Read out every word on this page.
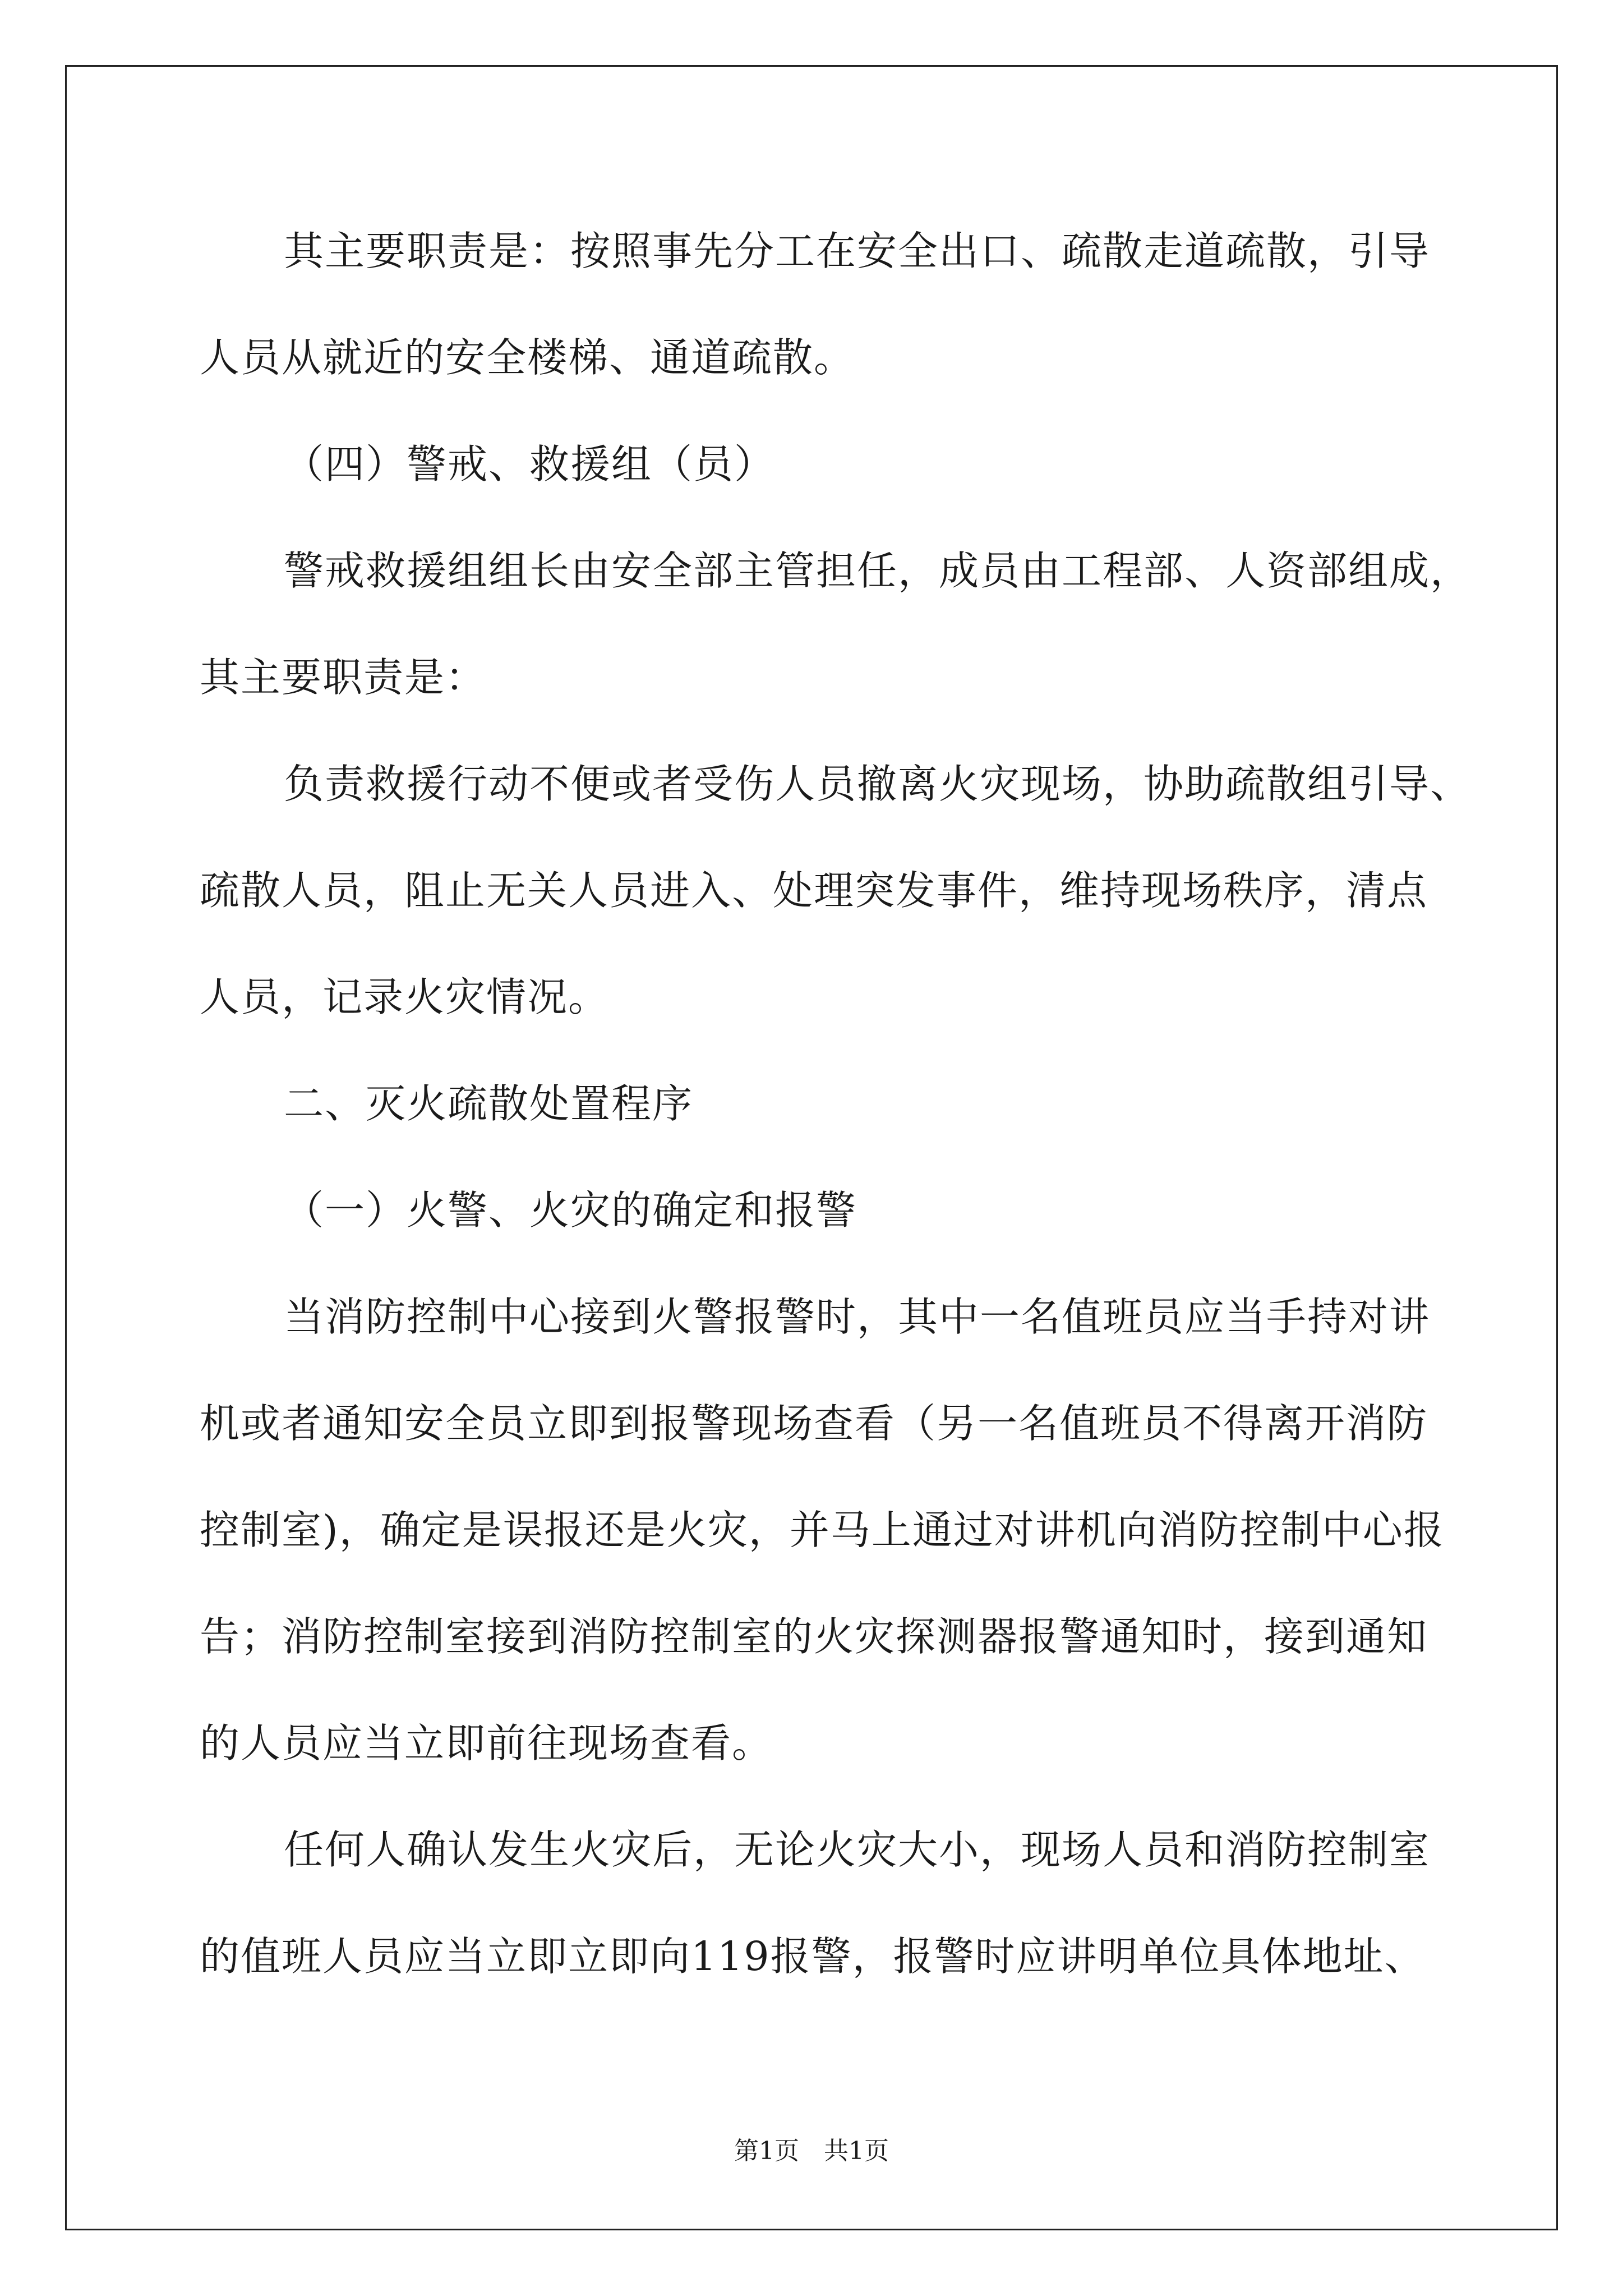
其主要职责是：按照事先分工在安全出口、疏散走道疏散，引导
人员从就近的安全楼梯、通道疏散。
（四）警戒、救援组（员）
警戒救援组组长由安全部主管担任，成员由工程部、人资部组成，
其主要职责是：
负责救援行动不便或者受伤人员撤离火灾现场，协助疏散组引导、
疏散人员，阻止无关人员进入、处理突发事件，维持现场秩序，清点
人员，记录火灾情况。
二、灭火疏散处置程序
（一）火警、火灾的确定和报警
当消防控制中心接到火警报警时，其中一名值班员应当手持对讲
机或者通知安全员立即到报警现场查看（另一名值班员不得离开消防
控制室)，确定是误报还是火灾，并马上通过对讲机向消防控制中心报
告；消防控制室接到消防控制室的火灾探测器报警通知时，接到通知
的人员应当立即前往现场查看。
任何人确认发生火灾后，无论火灾大小，现场人员和消防控制室
的值班人员应当立即立即向119报警，报警时应讲明单位具体地址、
第1页　共1页
